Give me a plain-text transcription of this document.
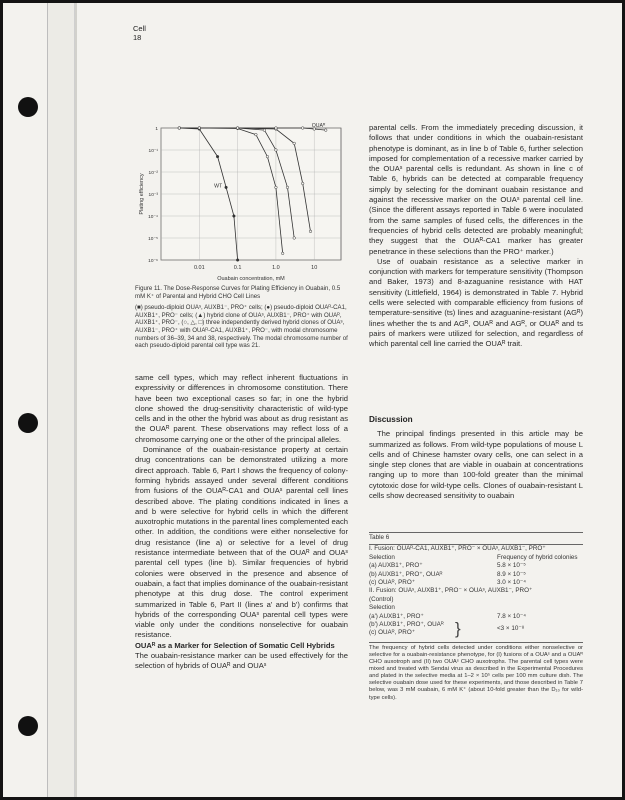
Cell
18
0.01	0.1	1.0	10
1
10⁻¹
10⁻²
10⁻³
10⁻⁴
10⁻⁵
10⁻⁶
Ouabain concentration, mM
Plating efficiency	WT
OUAᴿ
Figure 11. The Dose-Response Curves for Plating Efficiency in Ouabain, 0.5 mM K⁺ of Parental and Hybrid CHO Cell Lines
(■) pseudo-diploid OUAˢ, AUXB1⁻, PRO⁺ cells; (●) pseudo-diploid OUAᴿ-CA1, AUXB1⁺, PRO⁻ cells; (▲) hybrid clone of OUAˢ, AUXB1⁻, PRO⁺ with OUAᴿ, AUXB1⁺, PRO⁻, (○, △, □) three independently derived hybrid clones of OUAˢ, AUXB1⁻, PRO⁺ with OUAᴿ-CA1, AUXB1⁺, PRO⁻, with modal chromosome numbers of 36–39, 34 and 38, respectively. The modal chromosome number of each pseudo-diploid parental cell type was 21.

same cell types, which may reflect inherent fluctuations in expressivity or differences in chromosome constitution. There have been two exceptional cases so far; in one the hybrid clone showed the drug-sensitivity characteristic of wild-type cells and in the other the hybrid was about as drug resistant as the OUAᴿ parent. These observations may reflect loss of a chromosome carrying one or the other of the principal alleles.

Dominance of the ouabain-resistance property at certain drug concentrations can be demonstrated utilizing a more direct approach. Table 6, Part I shows the frequency of colony-forming hybrids assayed under several different conditions from fusions of the OUAᴿ-CA1 and OUAˢ parental cell lines described above. The plating conditions indicated in lines a and b were selective for hybrid cells in which the different auxotrophic mutations in the parental lines complemented each other. In addition, the conditions were either nonselective for drug resistance (line a) or selective for a level of drug resistance intermediate between that of the OUAᴿ and OUAˢ parental cell types (line b). Similar frequencies of hybrid colonies were observed in the presence and absence of ouabain, a fact that implies dominance of the ouabain-resistant phenotype at this drug dose. The control experiment summarized in Table 6, Part II (lines a' and b') confirms that hybrids of the corresponding OUAˢ parental cell types were viable only under the conditions nonselective for ouabain resistance.

OUAᴿ as a Marker for Selection of Somatic Cell Hybrids

The ouabain-resistance marker can be used effectively for the selection of hybrids of OUAᴿ and OUAˢ

parental cells. From the immediately preceding discussion, it follows that under conditions in which the ouabain-resistant phenotype is dominant, as in line b of Table 6, further selection imposed for complementation of a recessive marker carried by the OUAˢ parental cells is redundant. As shown in line c of Table 6, hybrids can be detected at comparable frequency simply by selecting for the dominant ouabain resistance and against the recessive marker on the OUAˢ parental cell line. (Since the different assays reported in Table 6 were inoculated from the same samples of fused cells, the differences in the frequencies of hybrid cells detected are probably meaningful; they suggest that the OUAᴿ-CA1 marker has greater penetrance in these selections than the PRO⁺ marker.)

Use of ouabain resistance as a selective marker in conjunction with markers for temperature sensitivity (Thompson and Baker, 1973) and 8-azaguanine resistance with HAT sensitivity (Littlefield, 1964) is demonstrated in Table 7. Hybrid cells were selected with comparable efficiency from fusions of temperature-sensitive (ts) lines and azaguanine-resistant (AGᴿ) lines whether the ts and AGᴿ, OUAᴿ and AGᴿ, or OUAᴿ and ts pairs of markers were utilized for selection, and regardless of which parental cell line carried the OUAᴿ trait.

Discussion

The principal findings presented in this article may be summarized as follows. From wild-type populations of mouse L cells and of Chinese hamster ovary cells, one can select in a single step clones that are viable in ouabain at concentrations ranging up to more than 100-fold greater than the minimal cytotoxic dose for wild-type cells. Clones of ouabain-resistant L cells show decreased sensitivity to ouabain

Table 6
I. Fusion: OUAᴿ-CA1, AUXB1⁺, PRO⁻ × OUAˢ, AUXB1⁻, PRO⁺
Selection	Frequency of hybrid colonies
(a) AUXB1⁺, PRO⁺	5.8 × 10⁻⁵
(b) AUXB1⁺, PRO⁺, OUAᴿ	8.9 × 10⁻⁵
(c) OUAᴿ, PRO⁺	3.0 × 10⁻⁴
II. Fusion: OUAˢ, AUXB1⁺, PRO⁻ × OUAˢ, AUXB1⁻, PRO⁺
(Control)
Selection
(a') AUXB1⁺, PRO⁺	7.8 × 10⁻⁴
(b') AUXB1⁺, PRO⁺, OUAᴿ
(c) OUAᴿ, PRO⁺	}	<3 × 10⁻⁸
The frequency of hybrid cells detected under conditions either nonselective or selective for a ouabain-resistance phenotype, for (I) fusions of a OUAˢ and a OUAᴿ CHO auxotroph and (II) two OUAˢ CHO auxotrophs. The parental cell types were mixed and treated with Sendai virus as described in the Experimental Procedures and plated in the selective media at 1–2 × 10⁵ cells per 100 mm culture dish. The selective ouabain dose used for these experiments, and those described in Table 7 below, was 3 mM ouabain, 6 mM K⁺ (about 10-fold greater than the D₁₀ for wild-type cells).
